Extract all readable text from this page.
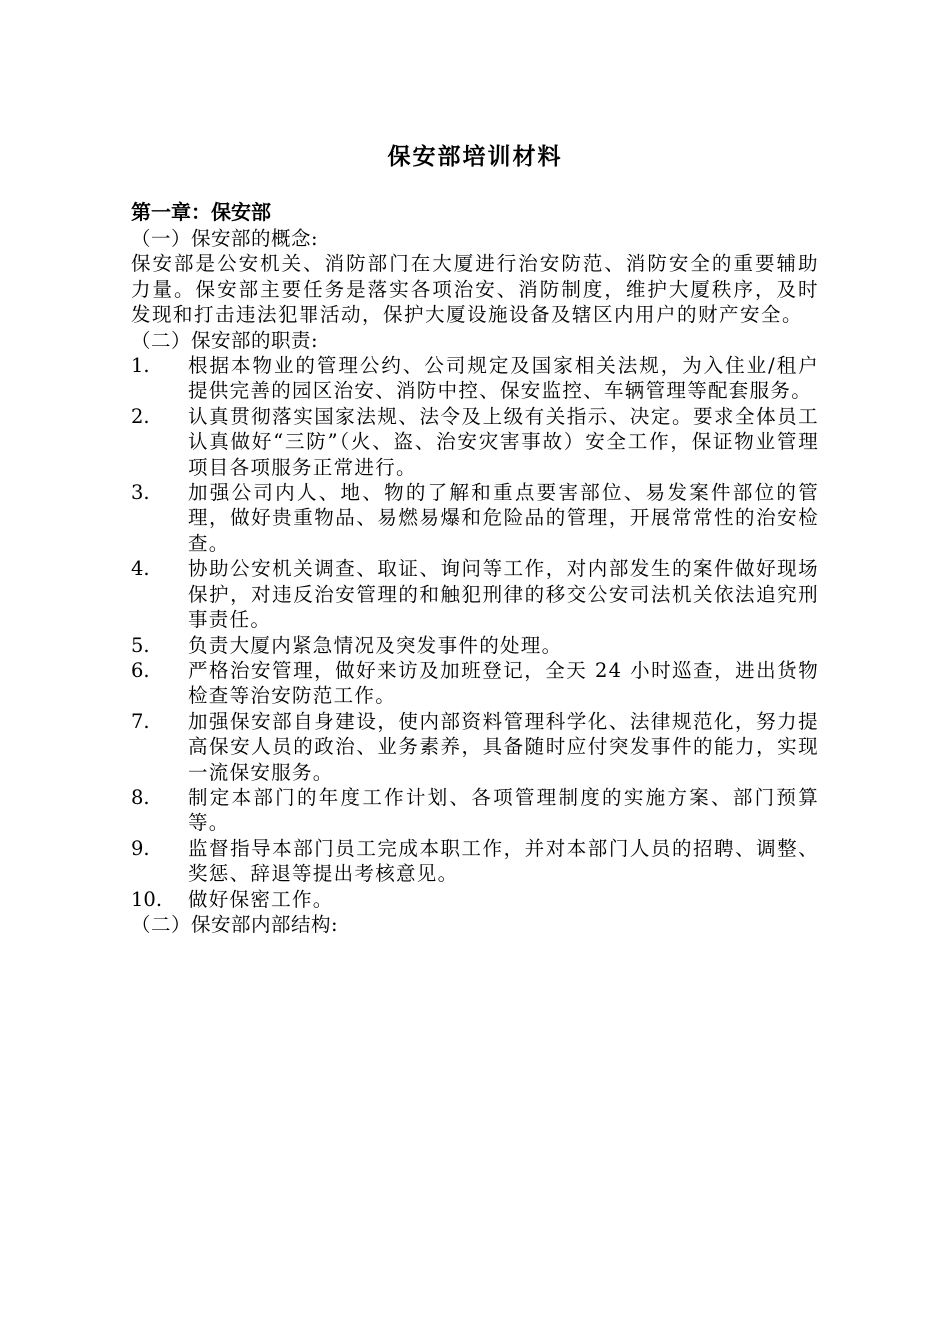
保安部培训材料
第一章：保安部
（一）保安部的概念:
保安部是公安机关、消防部门在大厦进行治安防范、消防安全的重要辅助力量。保安部主要任务是落实各项治安、消防制度，维护大厦秩序，及时发现和打击违法犯罪活动，保护大厦设施设备及辖区内用户的财产安全。
（二）保安部的职责:
1.	根据本物业的管理公约、公司规定及国家相关法规，为入住业/租户提供完善的园区治安、消防中控、保安监控、车辆管理等配套服务。
2.	认真贯彻落实国家法规、法令及上级有关指示、决定。要求全体员工认真做好“三防”（火、盗、治安灾害事故）安全工作，保证物业管理项目各项服务正常进行。
3.	加强公司内人、地、物的了解和重点要害部位、易发案件部位的管理，做好贵重物品、易燃易爆和危险品的管理，开展常常性的治安检查。
4.	协助公安机关调查、取证、询问等工作，对内部发生的案件做好现场保护，对违反治安管理的和触犯刑律的移交公安司法机关依法追究刑事责任。
5.	负责大厦内紧急情况及突发事件的处理。
6.	严格治安管理，做好来访及加班登记，全天 24 小时巡查，进出货物检查等治安防范工作。
7.	加强保安部自身建设，使内部资料管理科学化、法律规范化，努力提高保安人员的政治、业务素养，具备随时应付突发事件的能力，实现一流保安服务。
8.	制定本部门的年度工作计划、各项管理制度的实施方案、部门预算等。
9.	监督指导本部门员工完成本职工作，并对本部门人员的招聘、调整、奖惩、辞退等提出考核意见。
10.	做好保密工作。
（二）保安部内部结构:
